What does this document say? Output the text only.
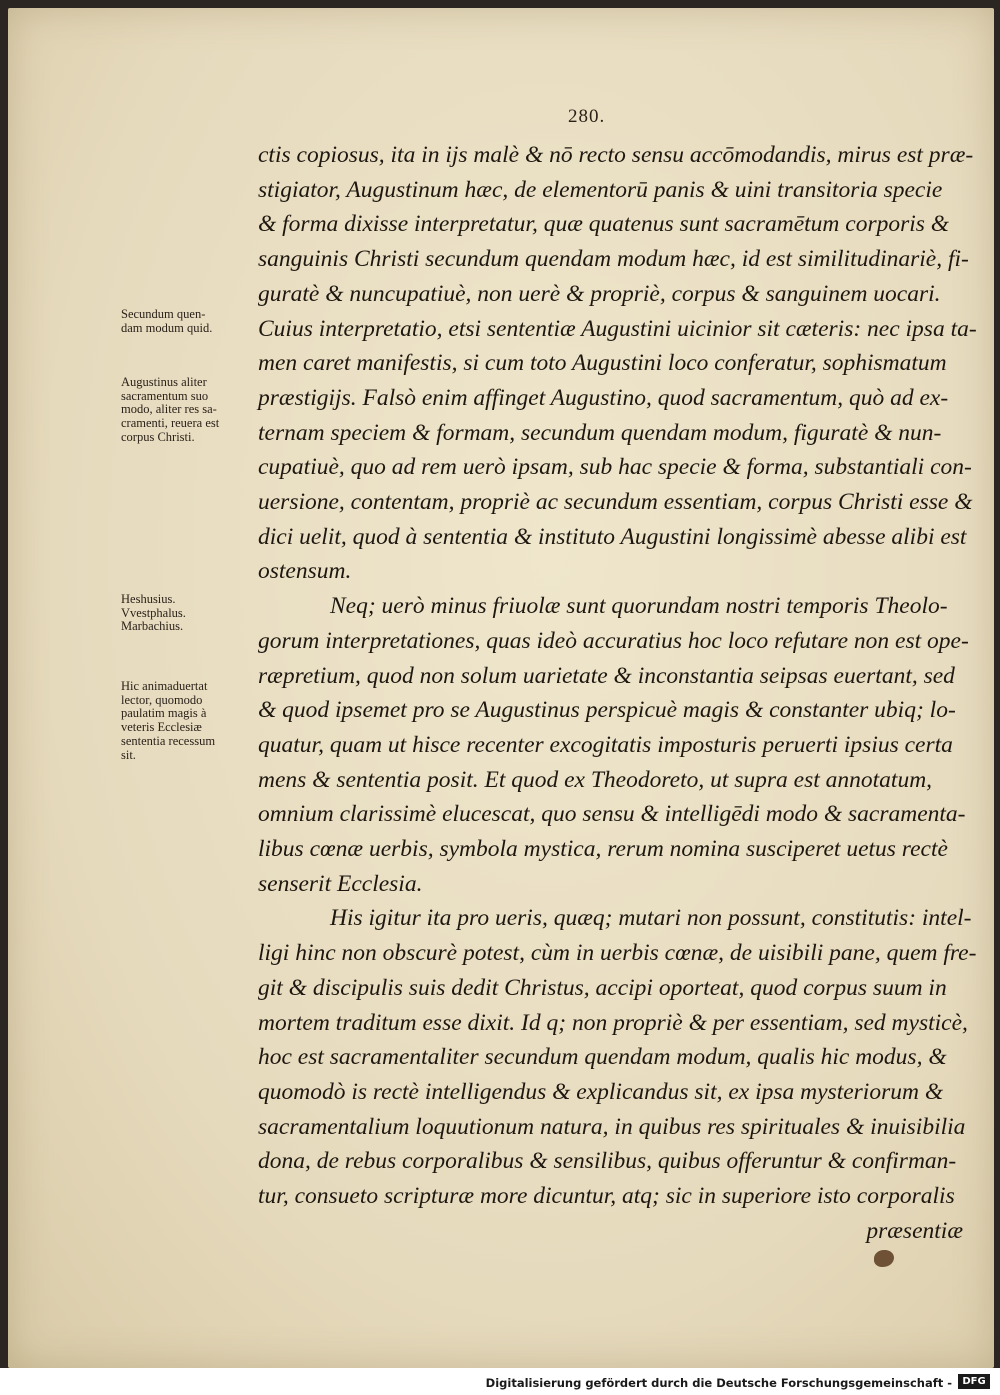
280.
ctis copiosus, ita in ijs malè & nō recto sensu accōmodandis, mirus est præ-
stigiator, Augustinum hæc, de elementorū panis & uini transitoria specie
& forma dixisse interpretatur, quæ quatenus sunt sacramētum corporis &
sanguinis Christi secundum quendam modum hæc, id est similitudinariè, fi-
guratè & nuncupatiuè, non uerè & propriè, corpus & sanguinem uocari.
Cuius interpretatio, etsi sententiæ Augustini uicinior sit cæteris: nec ipsa ta-
men caret manifestis, si cum toto Augustini loco conferatur, sophismatum
præstigijs. Falsò enim affinget Augustino, quod sacramentum, quò ad ex-
ternam speciem & formam, secundum quendam modum, figuratè & nun-
cupatiuè, quo ad rem uerò ipsam, sub hac specie & forma, substantiali con-
uersione, contentam, propriè ac secundum essentiam, corpus Christi esse &
dici uelit, quod à sententia & instituto Augustini longissimè abesse alibi est
ostensum.
Neq; uerò minus friuolæ sunt quorundam nostri temporis Theolo-
gorum interpretationes, quas ideò accuratius hoc loco refutare non est ope-
ræpretium, quod non solum uarietate & inconstantia seipsas euertant, sed
& quod ipsemet pro se Augustinus perspicuè magis & constanter ubiq; lo-
quatur, quam ut hisce recenter excogitatis imposturis peruerti ipsius certa
mens & sententia posit. Et quod ex Theodoreto, ut supra est annotatum,
omnium clarissimè elucescat, quo sensu & intelligēdi modo & sacramenta-
libus cœnæ uerbis, symbola mystica, rerum nomina susciperet uetus rectè
senserit Ecclesia.
His igitur ita pro ueris, quæq; mutari non possunt, constitutis: intel-
ligi hinc non obscurè potest, cùm in uerbis cœnæ, de uisibili pane, quem fre-
git & discipulis suis dedit Christus, accipi oporteat, quod corpus suum in
mortem traditum esse dixit. Id q; non propriè & per essentiam, sed mysticè,
hoc est sacramentaliter secundum quendam modum, qualis hic modus, &
quomodò is rectè intelligendus & explicandus sit, ex ipsa mysteriorum &
sacramentalium loquutionum natura, in quibus res spirituales & inuisibilia
dona, de rebus corporalibus & sensilibus, quibus offeruntur & confirman-
tur, consueto scripturæ more dicuntur, atq; sic in superiore isto corporalis
præsentiæ
Secundum quen-
dam modum quid.
Augustinus aliter
sacramentum suo
modo, aliter res sa-
cramenti, reuera est
corpus Christi.
Heshusius.
Vvestphalus.
Marbachius.
Hic animaduertat
lector, quomodo
paulatim magis à
veteris Ecclesiæ
sententia recessum
sit.
Digitalisierung gefördert durch die Deutsche Forschungsgemeinschaft -	DFG
